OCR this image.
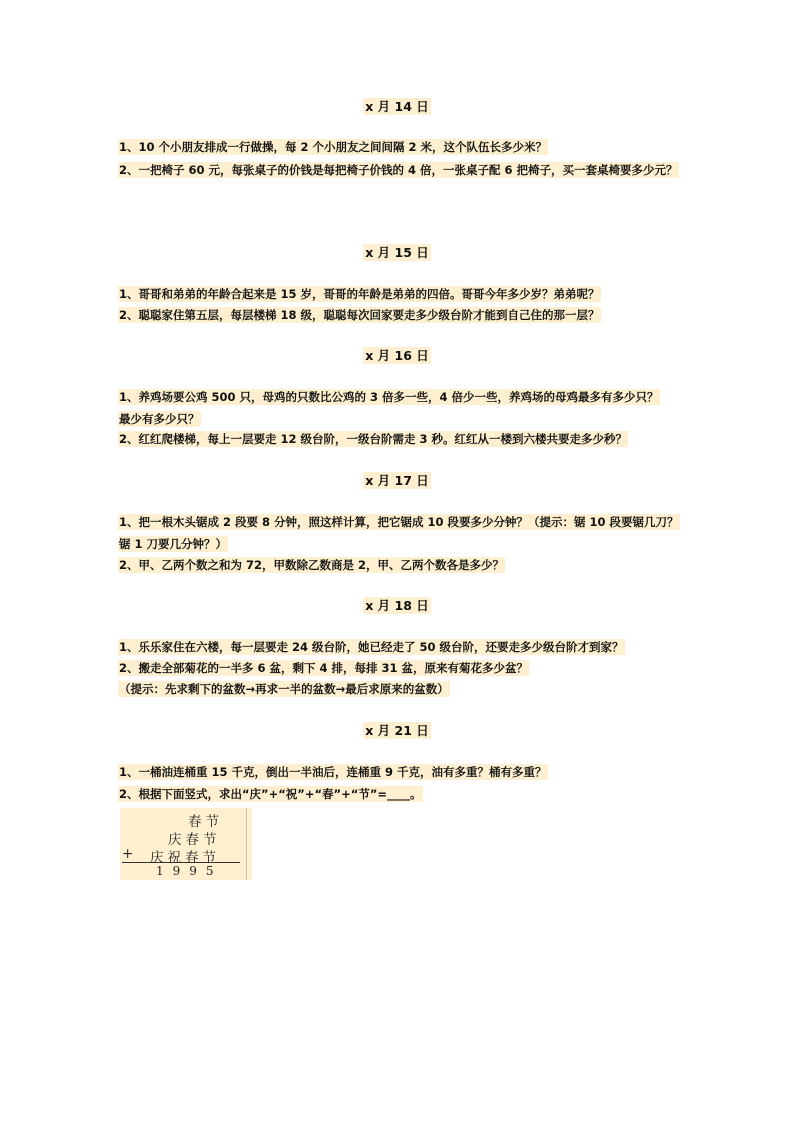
x 月 14 日
1、10 个小朋友排成一行做操，每 2 个小朋友之间间隔 2 米，这个队伍长多少米？
2、一把椅子 60 元，每张桌子的价钱是每把椅子价钱的 4 倍，一张桌子配 6 把椅子，买一套桌椅要多少元？
x 月 15 日
1、哥哥和弟弟的年龄合起来是 15 岁，哥哥的年龄是弟弟的四倍。哥哥今年多少岁？弟弟呢？
2、聪聪家住第五层，每层楼梯 18 级，聪聪每次回家要走多少级台阶才能到自己住的那一层？
x 月 16 日
1、养鸡场要公鸡 500 只，母鸡的只数比公鸡的 3 倍多一些，4 倍少一些，养鸡场的母鸡最多有多少只？
最少有多少只？
2、红红爬楼梯，每上一层要走 12 级台阶，一级台阶需走 3 秒。红红从一楼到六楼共要走多少秒？
x 月 17 日
1、把一根木头锯成 2 段要 8 分钟，照这样计算，把它锯成 10 段要多少分钟？（提示：锯 10 段要锯几刀？
锯 1 刀要几分钟？）
2、甲、乙两个数之和为 72，甲数除乙数商是 2，甲、乙两个数各是多少？
x 月 18 日
1、乐乐家住在六楼，每一层要走 24 级台阶，她已经走了 50 级台阶，还要走多少级台阶才到家？
2、搬走全部菊花的一半多 6 盆，剩下 4 排，每排 31 盆，原来有菊花多少盆？
（提示：先求剩下的盆数→再求一半的盆数→最后求原来的盆数）
x 月 21 日
1、一桶油连桶重 15 千克，倒出一半油后，连桶重 9 千克，油有多重？桶有多重？
2、根据下面竖式，求出“庆”+“祝”+“春”+“节”=____。
春节
庆春节
+ 庆祝春节
1995
